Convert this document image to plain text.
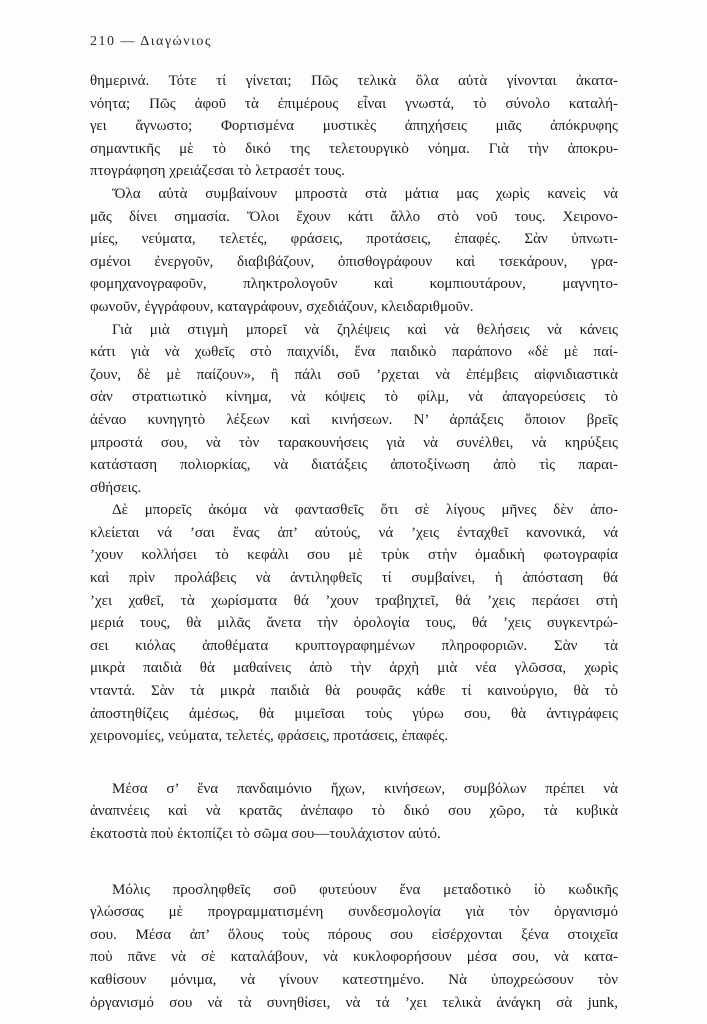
210 — Διαγώνιος
θημερινά. Τότε τί γίνεται; Πῶς τελικὰ ὅλα αὐτὰ γίνονται ἀκατα-
νόητα; Πῶς ἀφοῦ τὰ ἐπιμέρους εἶναι γνωστά, τὸ σύνολο καταλή-
γει ἄγνωστο; Φορτισμένα μυστικὲς ἀπηχήσεις μιᾶς ἀπόκρυφης
σημαντικῆς μὲ τὸ δικό της τελετουργικὸ νόημα. Γιὰ τὴν ἀποκρυ-
πτογράφηση χρειάζεσαι τὸ λετρασέτ τους.
Ὅλα αὐτὰ συμβαίνουν μπροστὰ στὰ μάτια μας χωρὶς κανεὶς νὰ
μᾶς δίνει σημασία. Ὅλοι ἔχουν κάτι ἄλλο στὸ νοῦ τους. Χειρονο-
μίες, νεύματα, τελετές, φράσεις, προτάσεις, ἐπαφές. Σὰν ὑπνωτι-
σμένοι ἐνεργοῦν, διαβιβάζουν, ὀπισθογράφουν καὶ τσεκάρουν, γρα-
φομηχανογραφοῦν, πληκτρολογοῦν καὶ κομπιουτάρουν, μαγνητο-
φωνοῦν, ἐγγράφουν, καταγράφουν, σχεδιάζουν, κλειδαριθμοῦν.
Γιὰ μιὰ στιγμὴ μπορεῖ νὰ ζηλέψεις καὶ νὰ θελήσεις νὰ κάνεις
κάτι γιὰ νὰ χωθεῖς στὸ παιχνίδι, ἕνα παιδικὸ παράπονο «δὲ μὲ παί-
ζουν, δὲ μὲ παίζουν», ἢ πάλι σοῦ ’ρχεται νὰ ἐπέμβεις αἰφνιδιαστικὰ
σὰν στρατιωτικὸ κίνημα, νὰ κόψεις τὸ φίλμ, νὰ ἀπαγορεύσεις τὸ
ἀέναο κυνηγητὸ λέξεων καὶ κινήσεων. Ν’ ἀρπάξεις ὅποιον βρεῖς
μπροστά σου, νὰ τὸν ταρακουνήσεις γιὰ νὰ συνέλθει, νὰ κηρύξεις
κατάσταση πολιορκίας, νὰ διατάξεις ἀποτοξίνωση ἀπὸ τὶς παραι-
σθήσεις.
Δὲ μπορεῖς ἀκόμα νὰ φαντασθεῖς ὅτι σὲ λίγους μῆνες δὲν ἀπο-
κλείεται νά ’σαι ἕνας ἀπ’ αὐτούς, νά ’χεις ἐνταχθεῖ κανονικά, νά
’χουν κολλήσει τὸ κεφάλι σου μὲ τρὺκ στὴν ὁμαδικὴ φωτογραφία
καὶ πρὶν προλάβεις νὰ ἀντιληφθεῖς τί συμβαίνει, ἡ ἀπόσταση θά
’χει χαθεῖ, τὰ χωρίσματα θά ’χουν τραβηχτεῖ, θά ’χεις περάσει στὴ
μεριά τους, θὰ μιλᾶς ἄνετα τὴν ὁρολογία τους, θά ’χεις συγκεντρώ-
σει κιόλας ἀποθέματα κρυπτογραφημένων πληροφοριῶν. Σὰν τὰ
μικρὰ παιδιὰ θὰ μαθαίνεις ἀπὸ τὴν ἀρχὴ μιὰ νέα γλῶσσα, χωρὶς
νταντά. Σὰν τὰ μικρὰ παιδιὰ θὰ ρουφᾶς κάθε τί καινούργιο, θὰ τὸ
ἀποστηθίζεις ἀμέσως, θὰ μιμεῖσαι τοὺς γύρω σου, θὰ ἀντιγράφεις
χειρονομίες, νεύματα, τελετές, φράσεις, προτάσεις, ἐπαφές.
Μέσα σ’ ἕνα πανδαιμόνιο ἤχων, κινήσεων, συμβόλων πρέπει νὰ
ἀναπνέεις καὶ νὰ κρατᾶς ἀνέπαφο τὸ δικό σου χῶρο, τὰ κυβικὰ
ἑκατοστὰ ποὺ ἐκτοπίζει τὸ σῶμα σου—τουλάχιστον αὐτό.
Μόλις προσληφθεῖς σοῦ φυτεύουν ἕνα μεταδοτικὸ ἰὸ κωδικῆς
γλώσσας μὲ προγραμματισμένη συνδεσμολογία γιὰ τὸν ὀργανισμό
σου. Μέσα ἀπ’ ὅλους τοὺς πόρους σου εἰσέρχονται ξένα στοιχεῖα
ποὺ πᾶνε νὰ σὲ καταλάβουν, νὰ κυκλοφορήσουν μέσα σου, νὰ κατα-
καθίσουν μόνιμα, νὰ γίνουν κατεστημένο. Νὰ ὑποχρεώσουν τὸν
ὀργανισμό σου νὰ τὰ συνηθίσει, νὰ τά ’χει τελικὰ ἀνάγκη σὰ junk,
